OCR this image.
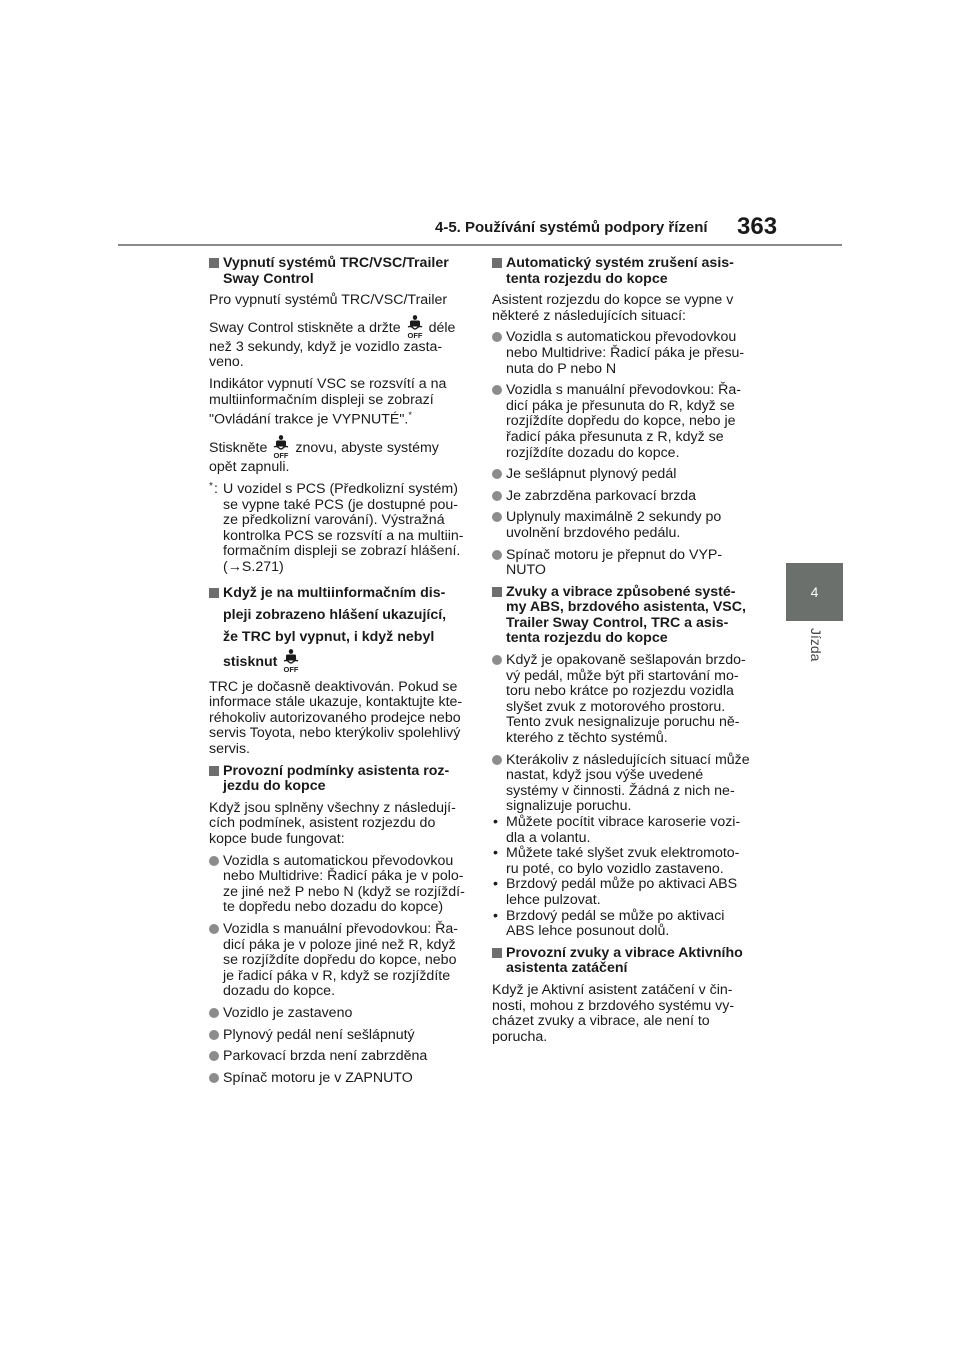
4-5. Používání systémů podpory řízení 363
4
Jízda
Vypnutí systémů TRC/VSC/Trailer Sway Control
Pro vypnutí systémů TRC/VSC/Trailer
Sway Control stiskněte a držte déle než 3 sekundy, když je vozidlo zasta-veno.
Indikátor vypnutí VSC se rozsvítí a na multiinformačním displeji se zobrazí
"Ovládání trakce je VYPNUTÉ".*
Stiskněte znovu, abyste systémy opět zapnuli.
* : U vozidel s PCS (Předkolizní systém) se vypne také PCS (je dostupné pou-ze předkolizní varování). Výstražná kontrolka PCS se rozsvítí a na multiin-formačním displeji se zobrazí hlášení. (→S.271)
Když je na multiinformačním dis-
pleji zobrazeno hlášení ukazující,
že TRC byl vypnut, i když nebyl
stisknut
TRC je dočasně deaktivován. Pokud se informace stále ukazuje, kontaktujte kte-réhokoliv autorizovaného prodejce nebo servis Toyota, nebo kterýkoliv spolehlivý servis.
Provozní podmínky asistenta roz-jezdu do kopce
Když jsou splněny všechny z následují-cích podmínek, asistent rozjezdu do kopce bude fungovat:
Vozidla s automatickou převodovkou nebo Multidrive: Řadicí páka je v polo-ze jiné než P nebo N (když se rozjíždí-te dopředu nebo dozadu do kopce)
Vozidla s manuální převodovkou: Řa-dicí páka je v poloze jiné než R, když se rozjíždíte dopředu do kopce, nebo je řadicí páka v R, když se rozjíždíte dozadu do kopce.
Vozidlo je zastaveno
Plynový pedál není sešlápnutý
Parkovací brzda není zabrzděna
Spínač motoru je v ZAPNUTO
Automatický systém zrušení asis-tenta rozjezdu do kopce
Asistent rozjezdu do kopce se vypne v některé z následujících situací:
Vozidla s automatickou převodovkou nebo Multidrive: Řadicí páka je přesu-nuta do P nebo N
Vozidla s manuální převodovkou: Řa-dicí páka je přesunuta do R, když se rozjíždíte dopředu do kopce, nebo je řadicí páka přesunuta z R, když se rozjíždíte dozadu do kopce.
Je sešlápnut plynový pedál
Je zabrzděna parkovací brzda
Uplynuly maximálně 2 sekundy po uvolnění brzdového pedálu.
Spínač motoru je přepnut do VYP-NUTO
Zvuky a vibrace způsobené systé-my ABS, brzdového asistenta, VSC, Trailer Sway Control, TRC a asis-tenta rozjezdu do kopce
Když je opakovaně sešlapován brzdo-vý pedál, může být při startování mo-toru nebo krátce po rozjezdu vozidla slyšet zvuk z motorového prostoru. Tento zvuk nesignalizuje poruchu ně-kterého z těchto systémů.
Kterákoliv z následujících situací může nastat, když jsou výše uvedené systémy v činnosti. Žádná z nich ne-signalizuje poruchu.
• Můžete pocítit vibrace karoserie vozi-dla a volantu.
• Můžete také slyšet zvuk elektromoto-ru poté, co bylo vozidlo zastaveno.
• Brzdový pedál může po aktivaci ABS lehce pulzovat.
• Brzdový pedál se může po aktivaci ABS lehce posunout dolů.
Provozní zvuky a vibrace Aktivního asistenta zatáčení
Když je Aktivní asistent zatáčení v čin-nosti, mohou z brzdového systému vy-cházet zvuky a vibrace, ale není to porucha.
